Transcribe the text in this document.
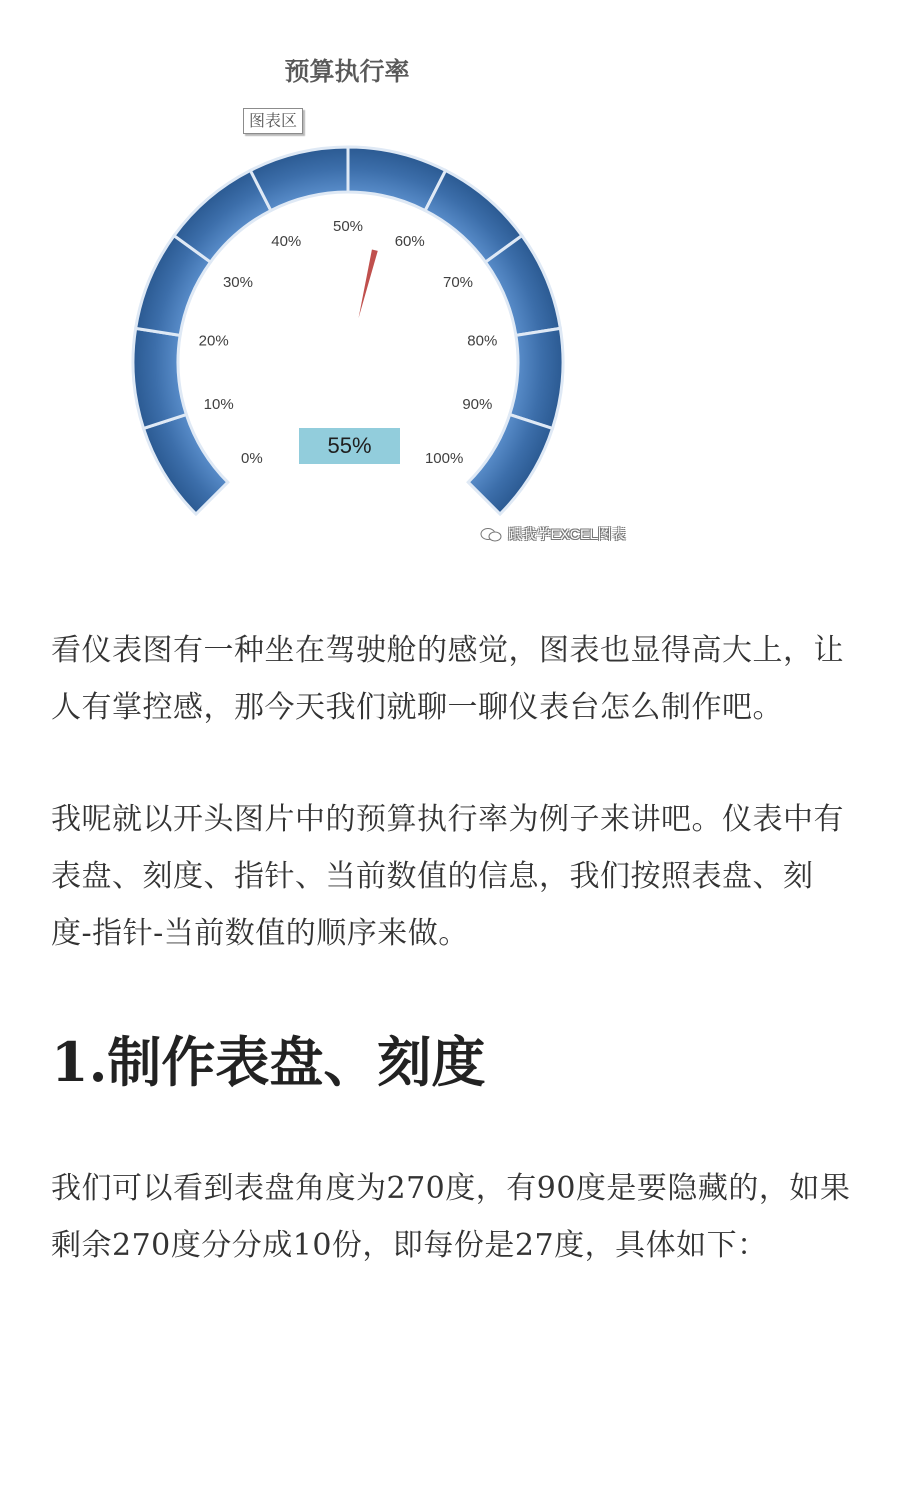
0%
10%
20%
30%
40%
50%
60%
70%
80%
90%
100%
预算执行率
图表区
55%
跟我学EXCEL图表

看仪表图有一种坐在驾驶舱的感觉，图表也显得高大上，让人有掌控感，那今天我们就聊一聊仪表台怎么制作吧。

我呢就以开头图片中的预算执行率为例子来讲吧。仪表中有表盘、刻度、指针、当前数值的信息，我们按照表盘、刻度-指针-当前数值的顺序来做。

1.制作表盘、刻度

我们可以看到表盘角度为270度，有90度是要隐藏的，如果剩余270度分分成10份，即每份是27度，具体如下：
